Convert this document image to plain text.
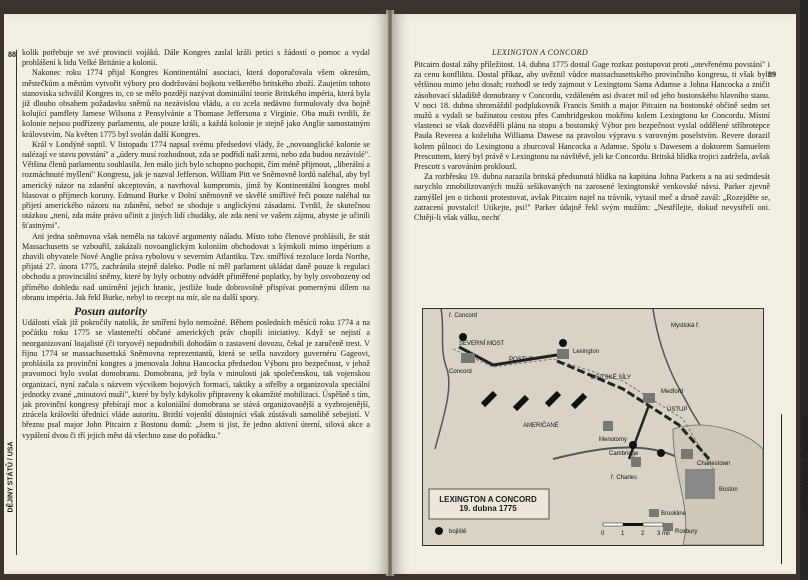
88
DĚJINY STÁTŮ / USA

kolik potřebuje ve své provincii vojáků. Dále Kongres zaslal králi petici s žádostí o pomoc a vydal prohlášení k lidu Velké Británie a kolonií.

Nakonec roku 1774 přijal Kongres Kontinentální asociaci, která doporučovala všem okresům, městečkům a městům vytvořit výbory pro dodržování bojkotu veškerého britského zboží. Zaujetím tohoto stanoviska schválil Kongres to, co se mělo později nazývat dominiální teorie Britského impéria, která byla již dlouho obsahem požadavku sněmů na nezávislou vládu, a co zcela nedávno formulovaly dva hojně kolující pamflety Jamese Wilsona z Pensylvánie a Thomase Jeffersona z Virginie. Oba muži tvrdili, že kolonie nejsou podřízeny parlamentu, ale pouze králi, a každá kolonie je stejně jako Anglie samostatným královstvím. Na květen 1775 byl svolán další Kongres.

Král v Londýně soptil. V listopadu 1774 napsal svému předsedovi vlády, že „novoanglické kolonie se nalézají ve stavu povstání" a „údery musí rozhodnout, zda se podřídí naší zemi, nebo zda budou nezávislé". Většina členů parlamentu souhlasila. Jen málo jich bylo schopno pochopit, čím méně přijmout, „liberální a rozmáchnuté myšlení" Kongresu, jak je nazval Jefferson. William Pitt ve Sněmovně lordů naléhal, aby byl americký názor na zdanění akceptován, a navrhoval kompromis, jímž by Kontinentální kongres mohl hlasovat o příjmech koruny. Edmund Burke v Dolní sněmovně ve skvělé smířlivé řeči pouze naléhal na přijetí amerického názoru na zdanění, nebo! se shoduje s anglickými zásadami. Tvrdil, že skutečnou otázkou „není, zda máte právo učinit z jiných lidí chudáky, ale zda není ve vašem zájmu, abyste je učinili šťastnými".

Ani jedna sněmovna však neměla na takové argumenty náladu. Místo toho členové prohlásili, že stát Massachusetts se vzbouřil, zakázali novoanglickým koloniím obchodovat s kýmkoli mimo impérium a zbavili obyvatele Nové Anglie práva rybolovu v severním Atlantiku. Tzv. smířlivá rezoluce lorda Northe, přijatá 27. února 1775, zachránila stejně daleko. Podle ní měl parlament ukládat daně pouze k regulaci obchodu a provinciální sněmy, které by byly ochotny odvádět přiměřené poplatky, by byly osvobozeny od přímého dohledu nad umírnění jejich hranic, jestliže bude dobrovolně přispívat pomernými dílem na obranu impéria. Jak řekl Burke, nebyl to recept na mír, ale na další spory.

Posun autority

Události však již pokročily natolik, že smíření bylo nemožné. Během posledních měsíců roku 1774 a na počátku roku 1775 se vlastenečtí občané amerických práv chopili iniciativy. Když se nejistí a neorganizovaní loajalisté (či toryové) nepodrobili dohodám o zastavení dovozu, čekal je zaručeně trest. V říjnu 1774 se massachusettská Sněmovna reprezentantů, která se sešla navzdory guvernéru Gageovi, prohlásila za provinční kongres a jmenovala Johna Hancocka předsedou Výboru pro bezpečnost, v jehož pravomoci bylo svolat domobranu. Domobrana, jež byla v minulosti jak společenskou, tak vojenskou organizací, nyní začala s názvem výcvikem bojových formací, taktiky a střelby a organizovala speciální jednotky zvané „minutoví muži", které by byly kdykoliv připraveny k okamžité mobilizaci. Úspěšně s tím, jak provinční kongresy přebírají moc a koloniální domobrana se stává organizovanější a vyzbrojenější, ztrácela královští úřednící vláde autoritu. Britští vojenští důstojníci však zůstávali samolibě sebejistí. V březnu psal major John Pitcairn z Bostonu domů: „Jsem si jist, že jedno aktivní úterní, silová akce a vypálení dvou či tří jejich měst dá všechno zase do pořádku."

LEXINGTON A CONCORD
89
OD IMPÉRIA K NEZÁVISLOSTI

Pitcairn dostal záhy příležitost. 14. dubna 1775 dostal Gage rozkaz postupovat proti „otevřenému povstání" i za cenu konfliktu. Dostal příkaz, aby uvěznil vůdce massachusettského provinčního kongresu, ti však byli většinou mimo jeho dosah; rozhodl se tedy zajmout v Lexingtonu Sama Adamse a Johna Hancocka a zničit zásobovací skladiště domobrany v Concordu, vzdáleném asi dvacet mil od jeho bostonského hlavního stanu. V noci 18. dubna shromáždil podplukovník Francis Smith a major Pitcairn na bostonské občině sedm set mužů a vydali se bažinatou cestou přes Cambridgeskou mokřinu kolem Lexingtonu ke Concordu. Místní vlastenci se však dozvěděli plánu na stopu a bostonský Výbor pro bezpečnost vyslal oddělené stříbrotepce Paula Reverea a koželuha Williama Dawese na pravolou výpravu s varovným poselstvím. Revere dorazil kolem půlnoci do Lexingtonu a zburcoval Hancocka a Adamse. Spolu s Dawesem a doktorem Samuelem Prescottem, který byl právě v Lexingtonu na návštěvě, jeli ke Concordu. Britská hlídka trojici zadržela, avšak Prescott s varováním proklouzl.

Za rozbřesku 19. dubna narazila britská předsunutá hlídka na kapitána Johna Parkera a na asi sedmdesát narychlo zmobilizovaných mužů sešikovaných na zarosené lexingtonské venkovské návsi. Parker zjevně zamýšlel jen o tichosti protestovat, avšak Pitcairn najel na trávník, vytasil meč a drsně zavál: „Rozejděte se, zatracení povstalci! Utíkejte, psi!" Parker údajně řekl svým mužům: „Nestřílejte, dokud nevystřelí oni. Chtějí-li však válku, nechť

ř. Concord
SEVERNÍ MOST
Concord
POSTUP
Lexington
Mystická ř.
AMERIČANÉ
BRITSKÉ SÍLY
ÚSTUP
Menotomy
Medford
Cambridge
ř. Charles
Charlestown
Boston
Brookline
Roxbury
0	1	2 3 mil
bojiště
LEXINGTON A CONCORD
19. dubna 1775
